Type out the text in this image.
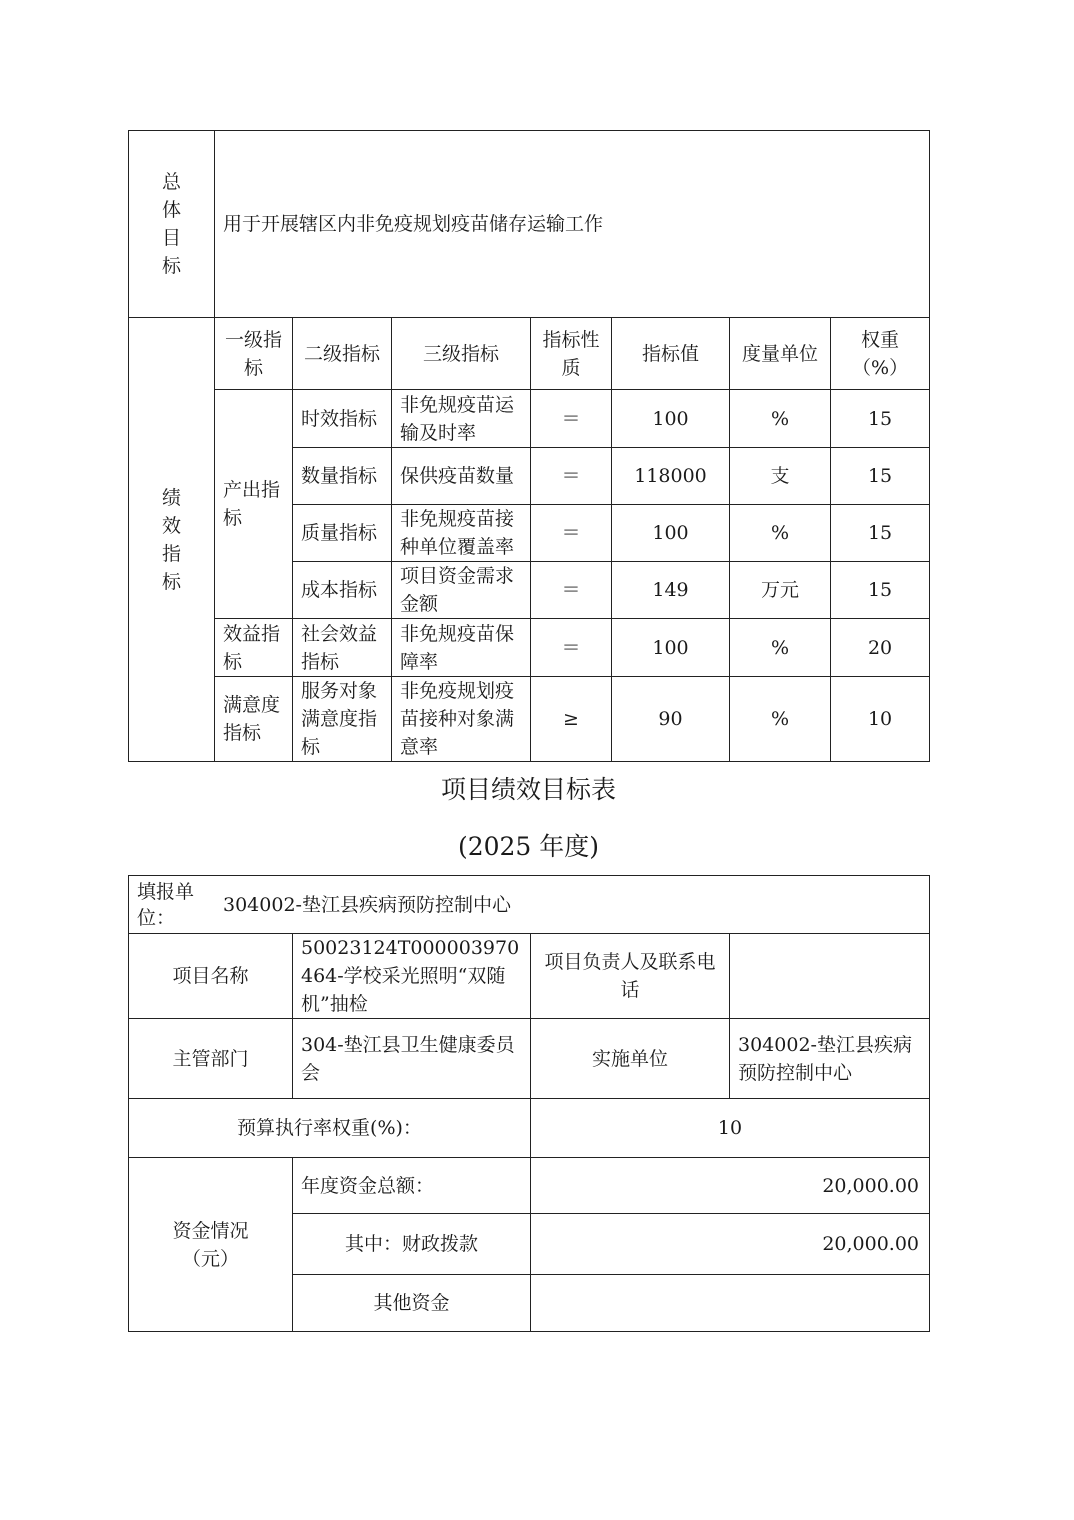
总体目标	用于开展辖区内非免疫规划疫苗储存运输工作						
绩效指标	一级指标	二级指标	三级指标	指标性质	指标值	度量单位	权重（%）
	产出指标	时效指标	非免规疫苗运输及时率	＝	100	%	15
		数量指标	保供疫苗数量	＝	118000	支	15
		质量指标	非免规疫苗接种单位覆盖率	＝	100	%	15
		成本指标	项目资金需求金额	＝	149	万元	15
	效益指标	社会效益指标	非免规疫苗保障率	＝	100	%	20
	满意度指标	服务对象满意度指标	非免疫规划疫苗接种对象满意率	≥	90	%	10
项目绩效目标表
(2025 年度)
填报单位：
304002-垫江县疾病预防控制中心			

项目名称	50023124T000003970464-学校采光照明“双随机”抽检	项目负责人及联系电话	
主管部门	304-垫江县卫生健康委员会	实施单位	304002-垫江县疾病预防控制中心
预算执行率权重(%)：		10	
资金情况（元）	年度资金总额：	20,000.00	
	其中：财政拨款	20,000.00	
	其他资金		
